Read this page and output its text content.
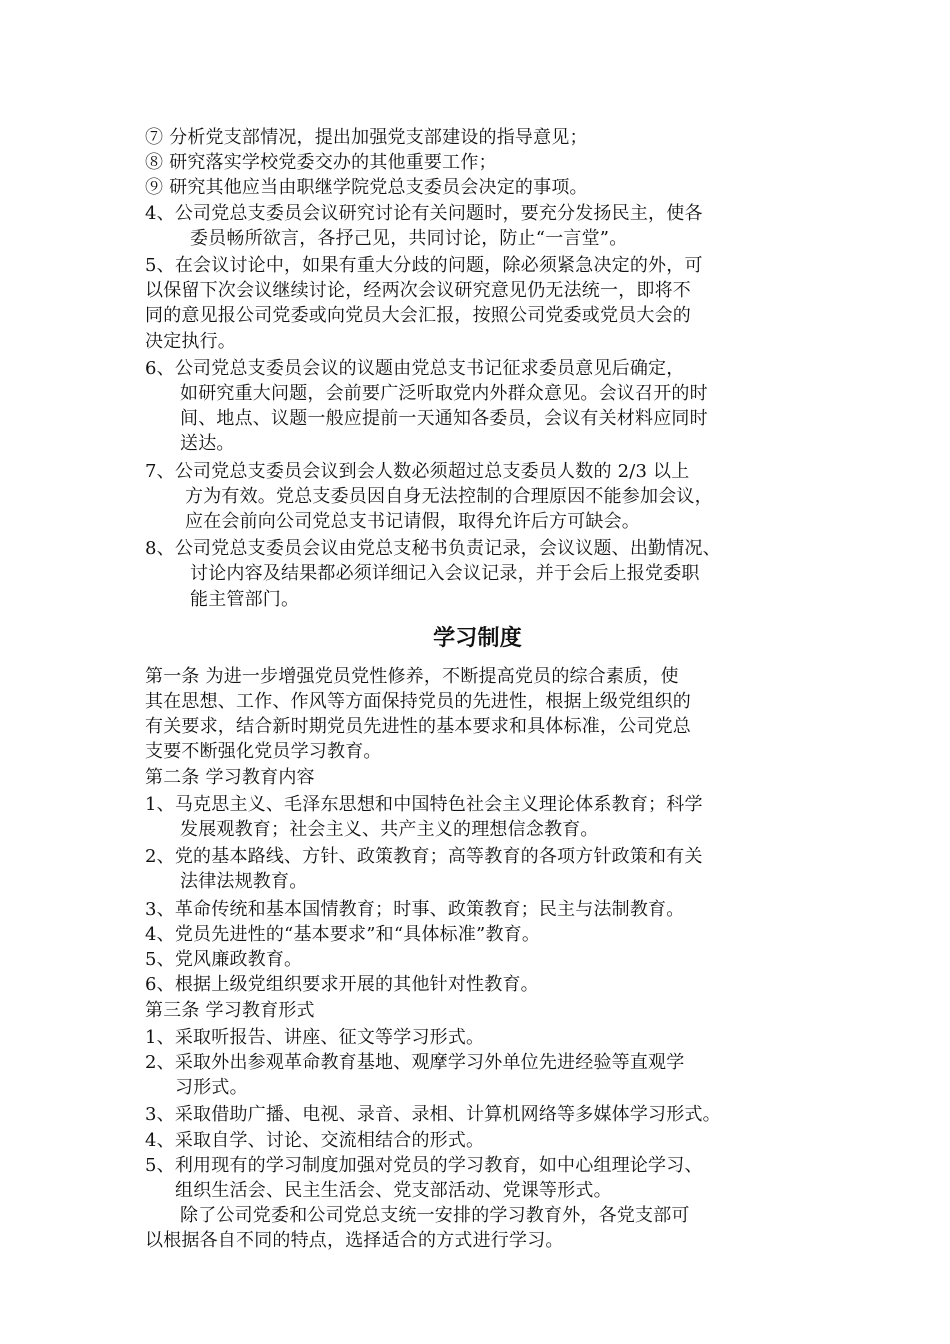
⑦ 分析党支部情况，提出加强党支部建设的指导意见；
⑧ 研究落实学校党委交办的其他重要工作；
⑨ 研究其他应当由职继学院党总支委员会决定的事项。
4、公司党总支委员会议研究讨论有关问题时，要充分发扬民主，使各
委员畅所欲言，各抒己见，共同讨论，防止“一言堂”。
5、在会议讨论中，如果有重大分歧的问题，除必须紧急决定的外，可
以保留下次会议继续讨论，经两次会议研究意见仍无法统一，即将不
同的意见报公司党委或向党员大会汇报，按照公司党委或党员大会的
决定执行。
6、公司党总支委员会议的议题由党总支书记征求委员意见后确定，
如研究重大问题，会前要广泛听取党内外群众意见。会议召开的时
间、地点、议题一般应提前一天通知各委员，会议有关材料应同时
送达。
7、公司党总支委员会议到会人数必须超过总支委员人数的 2/3 以上
方为有效。党总支委员因自身无法控制的合理原因不能参加会议，
应在会前向公司党总支书记请假，取得允许后方可缺会。
8、公司党总支委员会议由党总支秘书负责记录，会议议题、出勤情况、
讨论内容及结果都必须详细记入会议记录，并于会后上报党委职
能主管部门。
学习制度
第一条 为进一步增强党员党性修养，不断提高党员的综合素质，使
其在思想、工作、作风等方面保持党员的先进性，根据上级党组织的
有关要求，结合新时期党员先进性的基本要求和具体标准，公司党总
支要不断强化党员学习教育。
第二条 学习教育内容
1、马克思主义、毛泽东思想和中国特色社会主义理论体系教育；科学
发展观教育；社会主义、共产主义的理想信念教育。
2、党的基本路线、方针、政策教育；高等教育的各项方针政策和有关
法律法规教育。
3、革命传统和基本国情教育；时事、政策教育；民主与法制教育。
4、党员先进性的“基本要求”和“具体标准”教育。
5、党风廉政教育。
6、根据上级党组织要求开展的其他针对性教育。
第三条 学习教育形式
1、采取听报告、讲座、征文等学习形式。
2、采取外出参观革命教育基地、观摩学习外单位先进经验等直观学
习形式。
3、采取借助广播、电视、录音、录相、计算机网络等多媒体学习形式。
4、采取自学、讨论、交流相结合的形式。
5、利用现有的学习制度加强对党员的学习教育，如中心组理论学习、
组织生活会、民主生活会、党支部活动、党课等形式。
除了公司党委和公司党总支统一安排的学习教育外，各党支部可
以根据各自不同的特点，选择适合的方式进行学习。
